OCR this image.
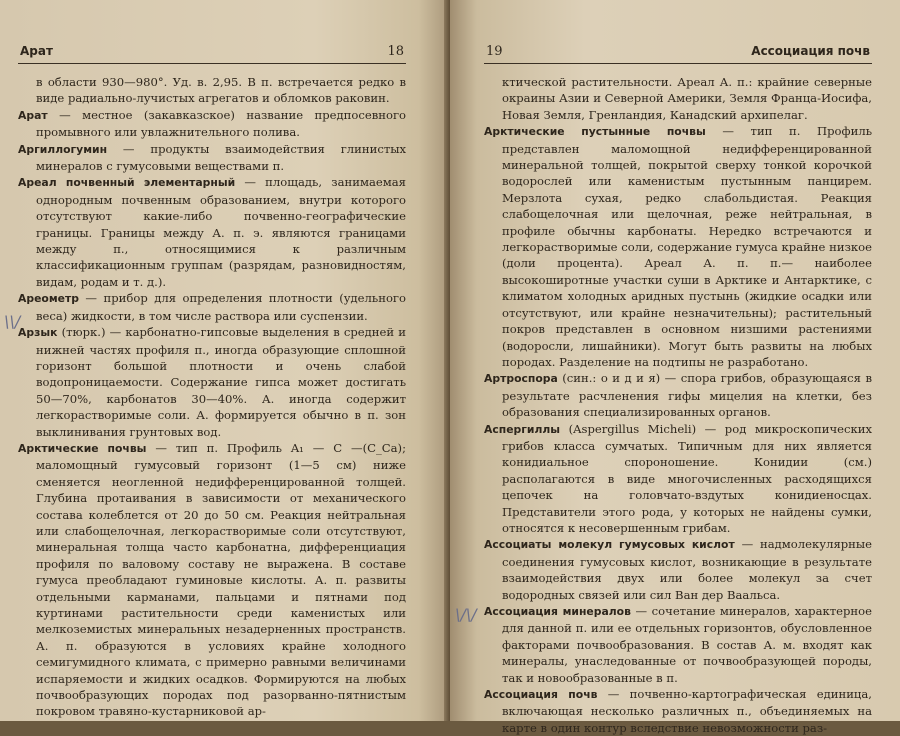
Арат	18

в области 930—980°. Уд. в. 2,95. В п. встречается редко в виде радиально-лучистых агрегатов и обломков раковин.

Арат — местное (закавказское) название предпосевного промывного или увлажнительного полива.

Аргиллогумин — продукты взаимодействия глинистых минералов с гумусовыми веществами п.

Ареал почвенный элементарный — площадь, занимаемая однородным почвенным образованием, внутри которого отсутствуют какие-либо почвенно-географические границы. Границы между А. п. э. являются границами между п., относящимися к различным классификационным группам (разрядам, разновидностям, видам, родам и т. д.).

Ареометр — прибор для определения плотности (удельного веса) жидкости, в том числе раствора или суспензии.

Арзык (тюрк.) — карбонатно-гипсовые выделения в средней и нижней частях профиля п., иногда образующие сплошной горизонт большой плотности и очень слабой водопроницаемости. Содержание гипса может достигать 50—70%, карбонатов 30—40%. А. иногда содержит легкорастворимые соли. А. формируется обычно в п. зон выклинивания грунтовых вод.

Арктические почвы — тип п. Профиль A₁ — C —(C_Ca); маломощный гумусовый горизонт (1—5 см) ниже сменяется неогленной недифференцированной толщей. Глубина протаивания в зависимости от механического состава колеблется от 20 до 50 см. Реакция нейтральная или слабощелочная, легкорастворимые соли отсутствуют, минеральная толща часто карбонатна, дифференциация профиля по валовому составу не выражена. В составе гумуса преобладают гуминовые кислоты. А. п. развиты отдельными карманами, пальцами и пятнами под куртинами растительности среди каменистых или мелкоземистых минеральных незадерненных пространств. А. п. образуются в условиях крайне холодного семигумидного климата, с примерно равными величинами испаряемости и жидких осадков. Формируются на любых почвообразующих породах под разорванно-пятнистым покровом травяно-кустарниковой ар-

19	Ассоциация почв

ктической растительности. Ареал А. п.: крайние северные окраины Азии и Северной Америки, Земля Франца-Иосифа, Новая Земля, Гренландия, Канадский архипелаг.

Арктические пустынные почвы — тип п. Профиль представлен маломощной недифференцированной минеральной толщей, покрытой сверху тонкой корочкой водорослей или каменистым пустынным панцирем. Мерзлота сухая, редко слабольдистая. Реакция слабощелочная или щелочная, реже нейтральная, в профиле обычны карбонаты. Нередко встречаются и легкорастворимые соли, содержание гумуса крайне низкое (доли процента). Ареал А. п. п.— наиболее высокоширотные участки суши в Арктике и Антарктике, с климатом холодных аридных пустынь (жидкие осадки или отсутствуют, или крайне незначительны); растительный покров представлен в основном низшими растениями (водоросли, лишайники). Могут быть развиты на любых породах. Разделение на подтипы не разработано.

Артроспора (син.: о и д и я) — спора грибов, образующаяся в результате расчленения гифы мицелия на клетки, без образования специализированных органов.

Аспергиллы (Aspergillus Micheli) — род микроскопических грибов класса сумчатых. Типичным для них является конидиальное спороношение. Конидии (см.) располагаются в виде многочисленных расходящихся цепочек на головчато-вздутых конидиеносцах. Представители этого рода, у которых не найдены сумки, относятся к несовершенным грибам.

Ассоциаты молекул гумусовых кислот — надмолекулярные соединения гумусовых кислот, возникающие в результате взаимодействия двух или более молекул за счет водородных связей или сил Ван дер Ваальса.

Ассоциация минералов — сочетание минералов, характерное для данной п. или ее отдельных горизонтов, обусловленное факторами почвообразования. В состав А. м. входят как минералы, унаследованные от почвообразующей породы, так и новообразованные в п.

Ассоциация почв — почвенно-картографическая единица, включающая несколько различных п., объединяемых на карте в один контур вследствие невозможности раз-

\\/
\/\/
